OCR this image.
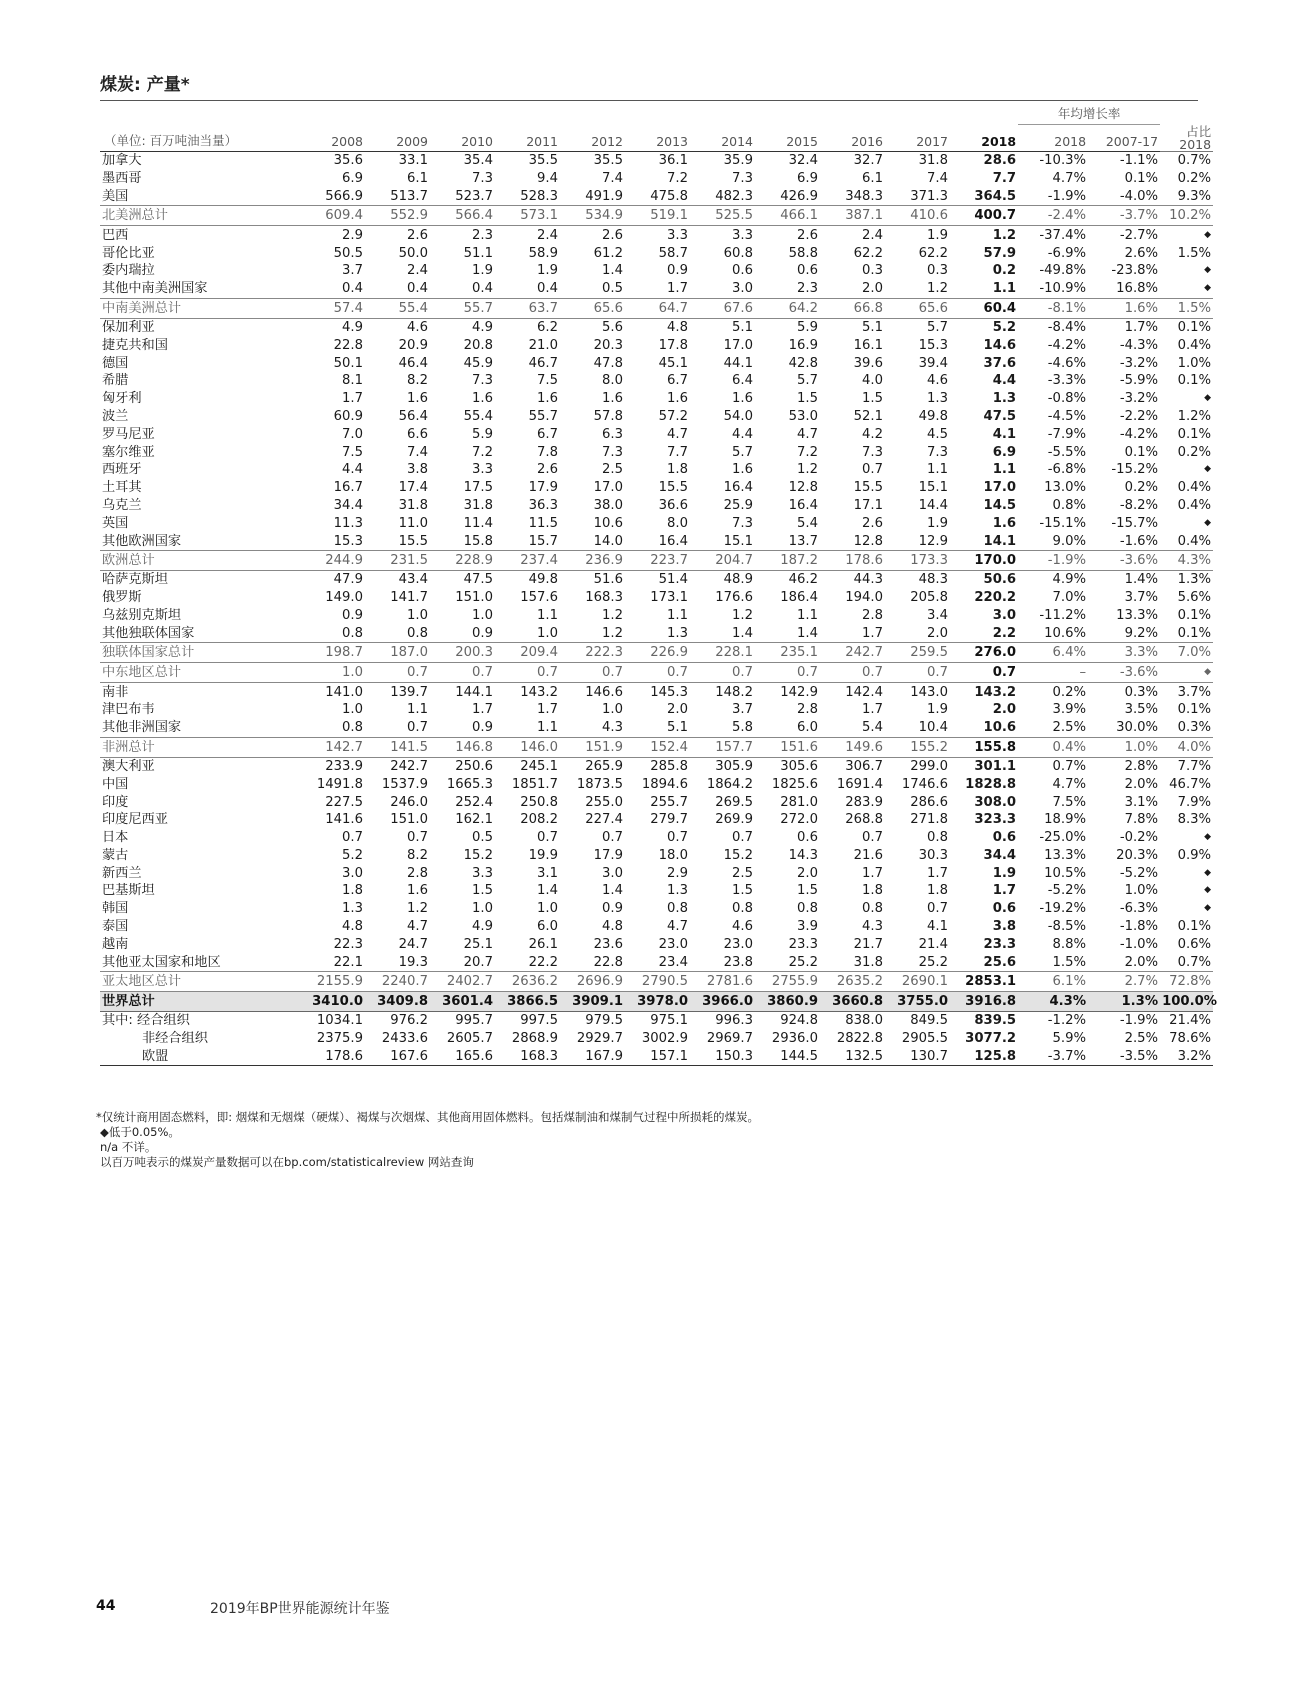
煤炭: 产量*
												年均增长率		占比
2018

（单位: 百万吨油当量）	2008	2009	2010	2011	2012	2013	2014	2015	2016	2017	2018	2018	2007-17	
加拿大	35.6	33.1	35.4	35.5	35.5	36.1	35.9	32.4	32.7	31.8	28.6	-10.3%	-1.1%	0.7%
墨西哥	6.9	6.1	7.3	9.4	7.4	7.2	7.3	6.9	6.1	7.4	7.7	4.7%	0.1%	0.2%
美国	566.9	513.7	523.7	528.3	491.9	475.8	482.3	426.9	348.3	371.3	364.5	-1.9%	-4.0%	9.3%
北美洲总计	609.4	552.9	566.4	573.1	534.9	519.1	525.5	466.1	387.1	410.6	400.7	-2.4%	-3.7%	10.2%
巴西	2.9	2.6	2.3	2.4	2.6	3.3	3.3	2.6	2.4	1.9	1.2	-37.4%	-2.7%	◆
哥伦比亚	50.5	50.0	51.1	58.9	61.2	58.7	60.8	58.8	62.2	62.2	57.9	-6.9%	2.6%	1.5%
委内瑞拉	3.7	2.4	1.9	1.9	1.4	0.9	0.6	0.6	0.3	0.3	0.2	-49.8%	-23.8%	◆
其他中南美洲国家	0.4	0.4	0.4	0.4	0.5	1.7	3.0	2.3	2.0	1.2	1.1	-10.9%	16.8%	◆
中南美洲总计	57.4	55.4	55.7	63.7	65.6	64.7	67.6	64.2	66.8	65.6	60.4	-8.1%	1.6%	1.5%
保加利亚	4.9	4.6	4.9	6.2	5.6	4.8	5.1	5.9	5.1	5.7	5.2	-8.4%	1.7%	0.1%
捷克共和国	22.8	20.9	20.8	21.0	20.3	17.8	17.0	16.9	16.1	15.3	14.6	-4.2%	-4.3%	0.4%
德国	50.1	46.4	45.9	46.7	47.8	45.1	44.1	42.8	39.6	39.4	37.6	-4.6%	-3.2%	1.0%
希腊	8.1	8.2	7.3	7.5	8.0	6.7	6.4	5.7	4.0	4.6	4.4	-3.3%	-5.9%	0.1%
匈牙利	1.7	1.6	1.6	1.6	1.6	1.6	1.6	1.5	1.5	1.3	1.3	-0.8%	-3.2%	◆
波兰	60.9	56.4	55.4	55.7	57.8	57.2	54.0	53.0	52.1	49.8	47.5	-4.5%	-2.2%	1.2%
罗马尼亚	7.0	6.6	5.9	6.7	6.3	4.7	4.4	4.7	4.2	4.5	4.1	-7.9%	-4.2%	0.1%
塞尔维亚	7.5	7.4	7.2	7.8	7.3	7.7	5.7	7.2	7.3	7.3	6.9	-5.5%	0.1%	0.2%
西班牙	4.4	3.8	3.3	2.6	2.5	1.8	1.6	1.2	0.7	1.1	1.1	-6.8%	-15.2%	◆
土耳其	16.7	17.4	17.5	17.9	17.0	15.5	16.4	12.8	15.5	15.1	17.0	13.0%	0.2%	0.4%
乌克兰	34.4	31.8	31.8	36.3	38.0	36.6	25.9	16.4	17.1	14.4	14.5	0.8%	-8.2%	0.4%
英国	11.3	11.0	11.4	11.5	10.6	8.0	7.3	5.4	2.6	1.9	1.6	-15.1%	-15.7%	◆
其他欧洲国家	15.3	15.5	15.8	15.7	14.0	16.4	15.1	13.7	12.8	12.9	14.1	9.0%	-1.6%	0.4%
欧洲总计	244.9	231.5	228.9	237.4	236.9	223.7	204.7	187.2	178.6	173.3	170.0	-1.9%	-3.6%	4.3%
哈萨克斯坦	47.9	43.4	47.5	49.8	51.6	51.4	48.9	46.2	44.3	48.3	50.6	4.9%	1.4%	1.3%
俄罗斯	149.0	141.7	151.0	157.6	168.3	173.1	176.6	186.4	194.0	205.8	220.2	7.0%	3.7%	5.6%
乌兹别克斯坦	0.9	1.0	1.0	1.1	1.2	1.1	1.2	1.1	2.8	3.4	3.0	-11.2%	13.3%	0.1%
其他独联体国家	0.8	0.8	0.9	1.0	1.2	1.3	1.4	1.4	1.7	2.0	2.2	10.6%	9.2%	0.1%
独联体国家总计	198.7	187.0	200.3	209.4	222.3	226.9	228.1	235.1	242.7	259.5	276.0	6.4%	3.3%	7.0%
中东地区总计	1.0	0.7	0.7	0.7	0.7	0.7	0.7	0.7	0.7	0.7	0.7	–	-3.6%	◆
南非	141.0	139.7	144.1	143.2	146.6	145.3	148.2	142.9	142.4	143.0	143.2	0.2%	0.3%	3.7%
津巴布韦	1.0	1.1	1.7	1.7	1.0	2.0	3.7	2.8	1.7	1.9	2.0	3.9%	3.5%	0.1%
其他非洲国家	0.8	0.7	0.9	1.1	4.3	5.1	5.8	6.0	5.4	10.4	10.6	2.5%	30.0%	0.3%
非洲总计	142.7	141.5	146.8	146.0	151.9	152.4	157.7	151.6	149.6	155.2	155.8	0.4%	1.0%	4.0%
澳大利亚	233.9	242.7	250.6	245.1	265.9	285.8	305.9	305.6	306.7	299.0	301.1	0.7%	2.8%	7.7%
中国	1491.8	1537.9	1665.3	1851.7	1873.5	1894.6	1864.2	1825.6	1691.4	1746.6	1828.8	4.7%	2.0%	46.7%
印度	227.5	246.0	252.4	250.8	255.0	255.7	269.5	281.0	283.9	286.6	308.0	7.5%	3.1%	7.9%
印度尼西亚	141.6	151.0	162.1	208.2	227.4	279.7	269.9	272.0	268.8	271.8	323.3	18.9%	7.8%	8.3%
日本	0.7	0.7	0.5	0.7	0.7	0.7	0.7	0.6	0.7	0.8	0.6	-25.0%	-0.2%	◆
蒙古	5.2	8.2	15.2	19.9	17.9	18.0	15.2	14.3	21.6	30.3	34.4	13.3%	20.3%	0.9%
新西兰	3.0	2.8	3.3	3.1	3.0	2.9	2.5	2.0	1.7	1.7	1.9	10.5%	-5.2%	◆
巴基斯坦	1.8	1.6	1.5	1.4	1.4	1.3	1.5	1.5	1.8	1.8	1.7	-5.2%	1.0%	◆
韩国	1.3	1.2	1.0	1.0	0.9	0.8	0.8	0.8	0.8	0.7	0.6	-19.2%	-6.3%	◆
泰国	4.8	4.7	4.9	6.0	4.8	4.7	4.6	3.9	4.3	4.1	3.8	-8.5%	-1.8%	0.1%
越南	22.3	24.7	25.1	26.1	23.6	23.0	23.0	23.3	21.7	21.4	23.3	8.8%	-1.0%	0.6%
其他亚太国家和地区	22.1	19.3	20.7	22.2	22.8	23.4	23.8	25.2	31.8	25.2	25.6	1.5%	2.0%	0.7%
亚太地区总计	2155.9	2240.7	2402.7	2636.2	2696.9	2790.5	2781.6	2755.9	2635.2	2690.1	2853.1	6.1%	2.7%	72.8%
世界总计	3410.0	3409.8	3601.4	3866.5	3909.1	3978.0	3966.0	3860.9	3660.8	3755.0	3916.8	4.3%	1.3%	100.0%
其中: 经合组织	1034.1	976.2	995.7	997.5	979.5	975.1	996.3	924.8	838.0	849.5	839.5	-1.2%	-1.9%	21.4%
非经合组织	2375.9	2433.6	2605.7	2868.9	2929.7	3002.9	2969.7	2936.0	2822.8	2905.5	3077.2	5.9%	2.5%	78.6%
欧盟	178.6	167.6	165.6	168.3	167.9	157.1	150.3	144.5	132.5	130.7	125.8	-3.7%	-3.5%	3.2%
*仅统计商用固态燃料，即: 烟煤和无烟煤（硬煤）、褐煤与次烟煤、其他商用固体燃料。包括煤制油和煤制气过程中所损耗的煤炭。
◆低于0.05%。
n/a 不详。
以百万吨表示的煤炭产量数据可以在bp.com/statisticalreview 网站查询
44	2019年BP世界能源统计年鉴
